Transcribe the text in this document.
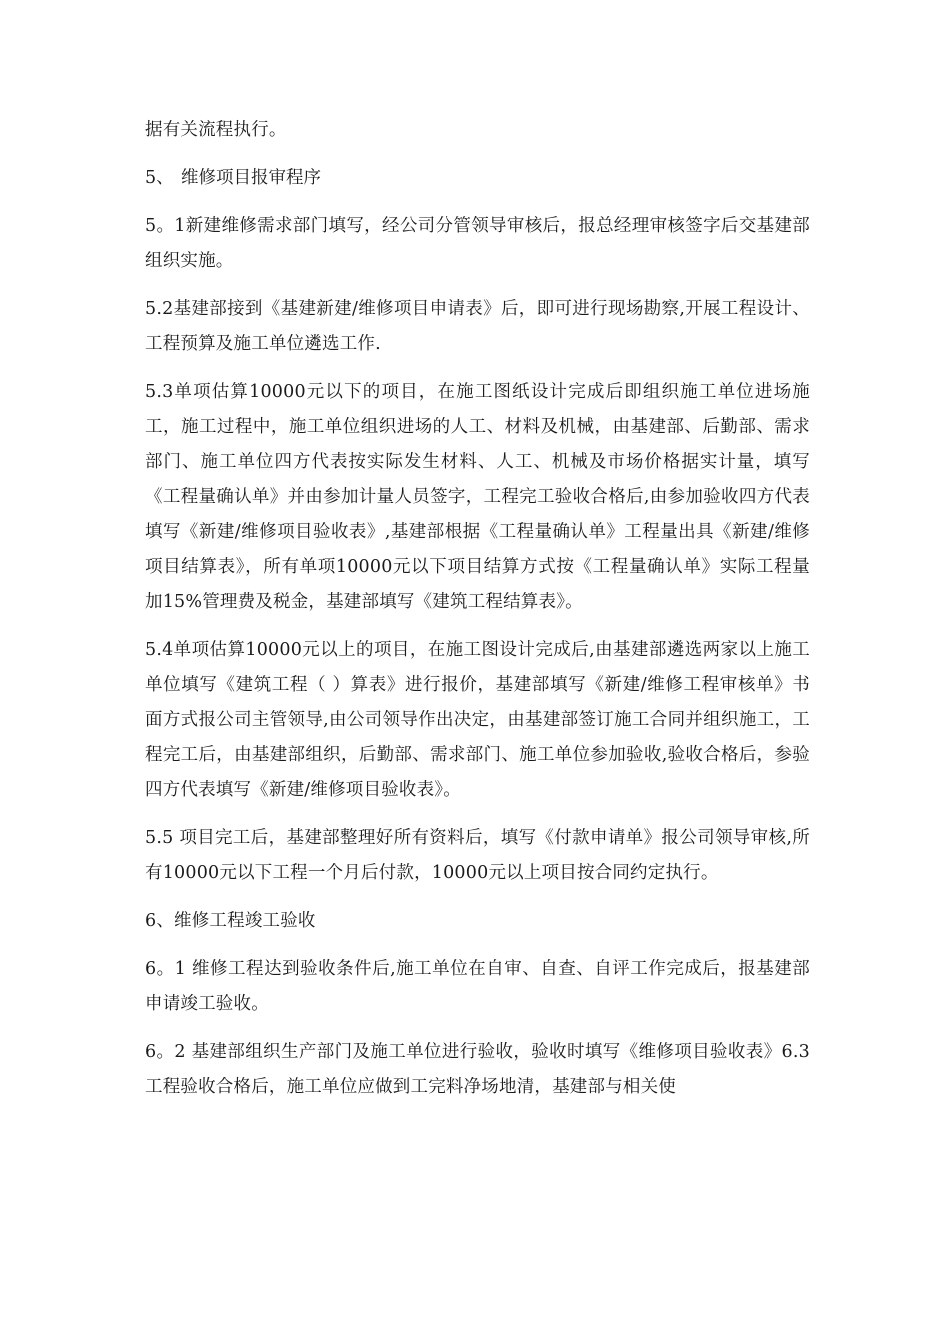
据有关流程执行。

5、 维修项目报审程序

5。1新建维修需求部门填写，经公司分管领导审核后，报总经理审核签字后交基建部组织实施。

5.2基建部接到《基建新建/维修项目申请表》后，即可进行现场勘察,开展工程设计、工程预算及施工单位遴选工作.

5.3单项估算10000元以下的项目，在施工图纸设计完成后即组织施工单位进场施工，施工过程中，施工单位组织进场的人工、材料及机械，由基建部、后勤部、需求部门、施工单位四方代表按实际发生材料、人工、机械及市场价格据实计量，填写《工程量确认单》并由参加计量人员签字，工程完工验收合格后,由参加验收四方代表填写《新建/维修项目验收表》,基建部根据《工程量确认单》工程量出具《新建/维修项目结算表》，所有单项10000元以下项目结算方式按《工程量确认单》实际工程量加15%管理费及税金，基建部填写《建筑工程结算表》。

5.4单项估算10000元以上的项目，在施工图设计完成后,由基建部遴选两家以上施工单位填写《建筑工程（ ）算表》进行报价，基建部填写《新建/维修工程审核单》书面方式报公司主管领导,由公司领导作出决定，由基建部签订施工合同并组织施工，工程完工后，由基建部组织，后勤部、需求部门、施工单位参加验收,验收合格后，参验四方代表填写《新建/维修项目验收表》。

5.5 项目完工后，基建部整理好所有资料后，填写《付款申请单》报公司领导审核,所有10000元以下工程一个月后付款，10000元以上项目按合同约定执行。

6、维修工程竣工验收

6。1 维修工程达到验收条件后,施工单位在自审、自查、自评工作完成后，报基建部申请竣工验收。

6。2 基建部组织生产部门及施工单位进行验收，验收时填写《维修项目验收表》6.3工程验收合格后，施工单位应做到工完料净场地清，基建部与相关使
